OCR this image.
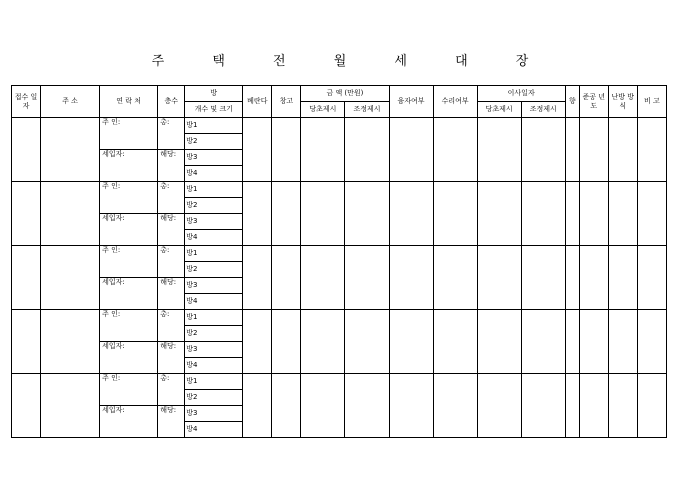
주 택 전 월 세 대 장
접수 일자	주 소	연 락 처	층수	방		베란다	창고	금 액 (만원)		융자여부	수리여부	이사일자		향	준공 년도	난방 방식	비 고
				개수 및 크기				당초제시	조정제시			당초제시	조정제시				
		주 인:	총:	방1													
				방2													
		세입자:	해당:	방3													
				방4													
		주 인:	총:	방1													
				방2													
		세입자:	해당:	방3													
				방4													
		주 인:	총:	방1													
				방2													
		세입자:	해당:	방3													
				방4													
		주 인:	총:	방1													
				방2													
		세입자:	해당:	방3													
				방4													
		주 인:	총:	방1													
				방2													
		세입자:	해당:	방3													
				방4													
